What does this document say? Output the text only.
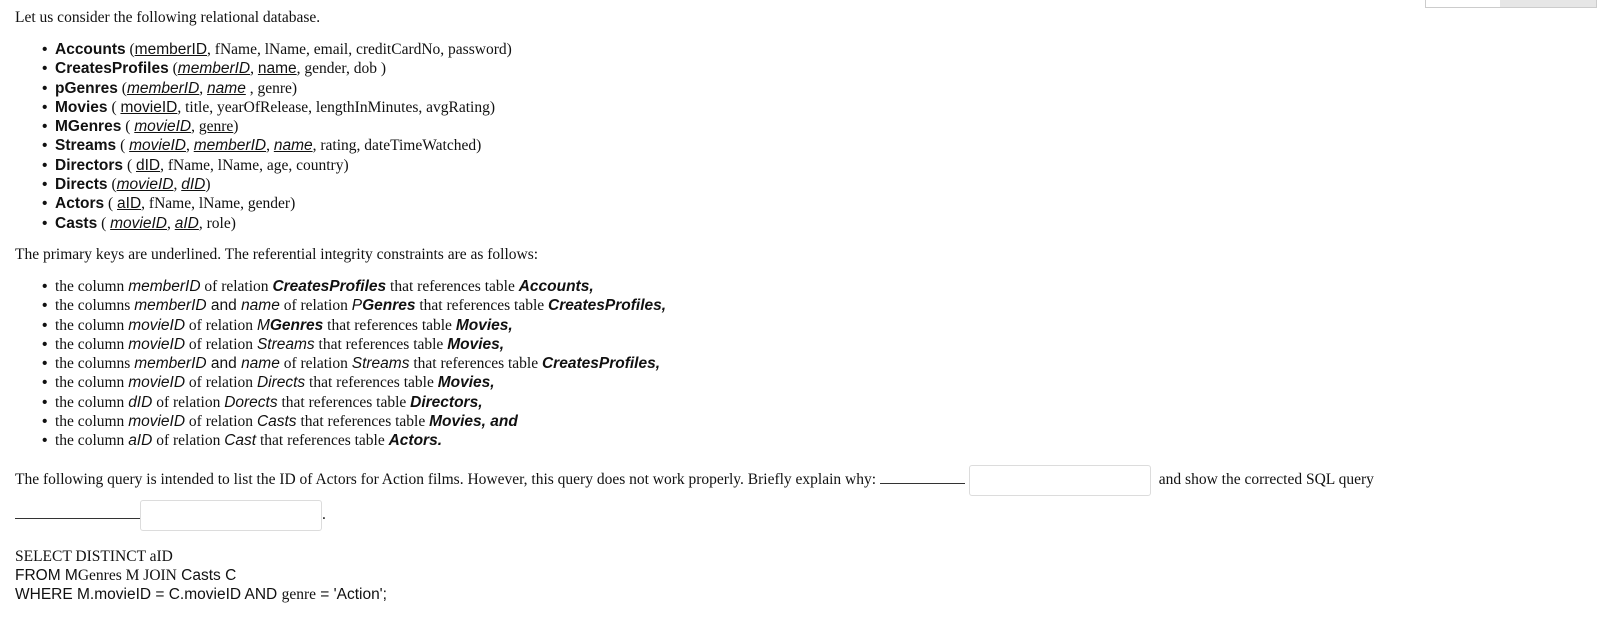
Let us consider the following relational database.

• Accounts (memberID, fName, lName, email, creditCardNo, password)
• CreatesProfiles (memberID, name, gender, dob )
• pGenres (memberID, name , genre)
• Movies ( movieID, title, yearOfRelease, lengthInMinutes, avgRating)
• MGenres ( movieID, genre)
• Streams ( movieID, memberID, name, rating, dateTimeWatched)
• Directors ( dID, fName, lName, age, country)
• Directs (movieID, dID)
• Actors ( aID, fName, lName, gender)
• Casts ( movieID, aID, role)

The primary keys are underlined. The referential integrity constraints are as follows:

• the column memberID of relation CreatesProfiles that references table Accounts,
• the columns memberID and name of relation PGenres that references table CreatesProfiles,
• the column movieID of relation MGenres that references table Movies,
• the column movieID of relation Streams that references table Movies,
• the columns memberID and name of relation Streams that references table CreatesProfiles,
• the column movieID of relation Directs that references table Movies,
• the column dID of relation Dorects that references table Directors,
• the column movieID of relation Casts that references table Movies, and
• the column aID of relation Cast that references table Actors.

The following query is intended to list the ID of Actors for Action films. However, this query does not work properly. Briefly explain why:	and show the corrected SQL query

.

SELECT DISTINCT aID
FROM MGenres M JOIN Casts C
WHERE M.movieID = C.movieID AND genre = 'Action';
